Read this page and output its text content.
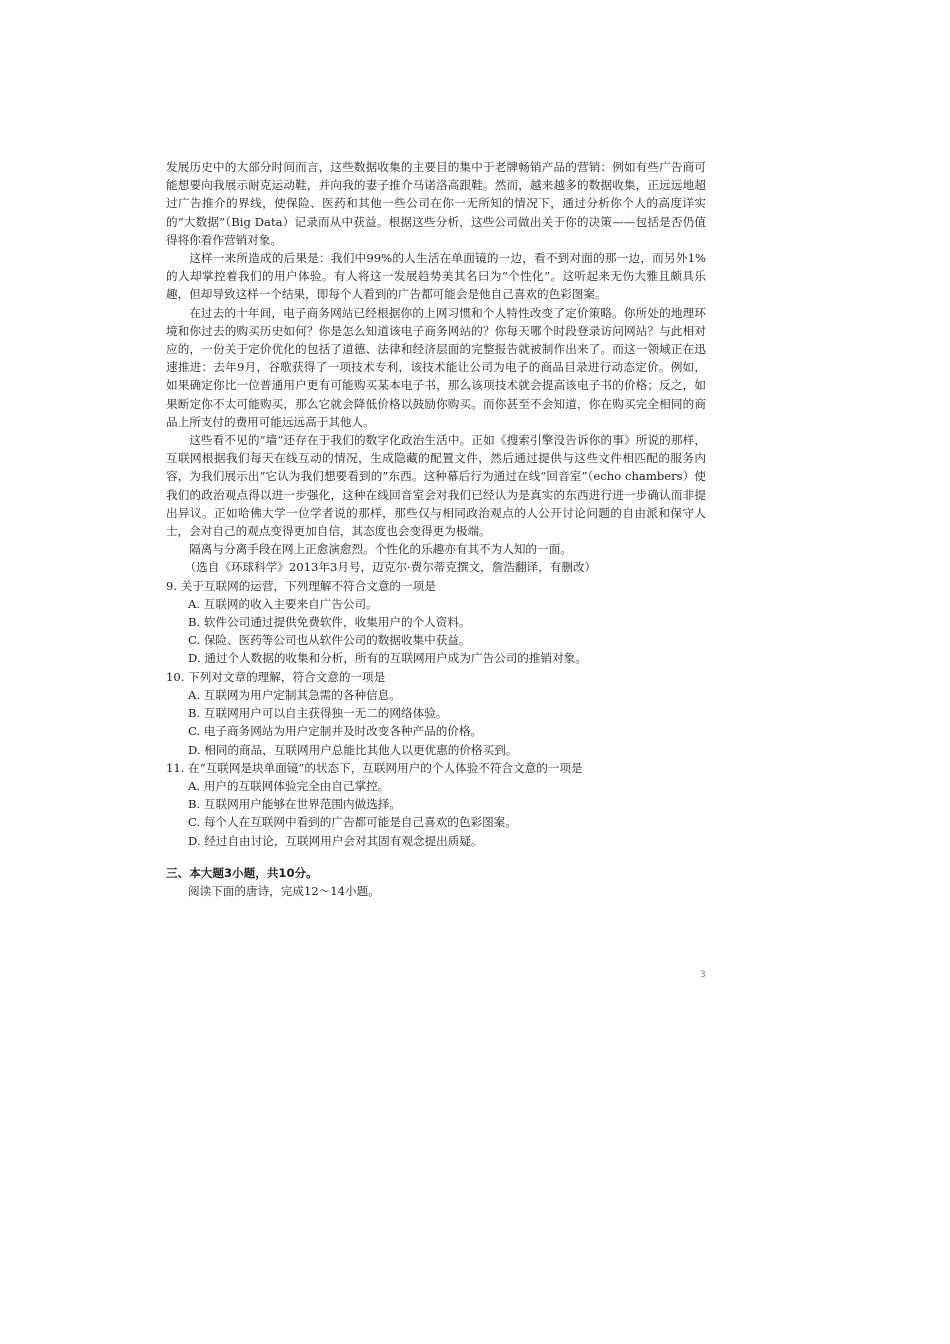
发展历史中的大部分时间而言，这些数据收集的主要目的集中于老牌畅销产品的营销：例如有些广告商可能想要向我展示耐克运动鞋，并向我的妻子推介马诺洛高跟鞋。然而，越来越多的数据收集，正远远地超过广告推介的界线，使保险、医药和其他一些公司在你一无所知的情况下，通过分析你个人的高度详实的“大数据”（Big Data）记录而从中获益。根据这些分析，这些公司做出关于你的决策——包括是否仍值得将你看作营销对象。

这样一来所造成的后果是：我们中99%的人生活在单面镜的一边，看不到对面的那一边，而另外1%的人却掌控着我们的用户体验。有人将这一发展趋势美其名曰为“个性化”。这听起来无伤大雅且颇具乐趣，但却导致这样一个结果，即每个人看到的广告都可能会是他自己喜欢的色彩图案。

在过去的十年间，电子商务网站已经根据你的上网习惯和个人特性改变了定价策略。你所处的地理环境和你过去的购买历史如何？你是怎么知道该电子商务网站的？你每天哪个时段登录访问网站？与此相对应的，一份关于定价优化的包括了道德、法律和经济层面的完整报告就被制作出来了。而这一领域正在迅速推进：去年9月，谷歌获得了一项技术专利，该技术能让公司为电子的商品目录进行动态定价。例如，如果确定你比一位普通用户更有可能购买某本电子书，那么该项技术就会提高该电子书的价格；反之，如果断定你不太可能购买，那么它就会降低价格以鼓励你购买。而你甚至不会知道，你在购买完全相同的商品上所支付的费用可能远远高于其他人。

这些看不见的“墙”还存在于我们的数字化政治生活中。正如《搜索引擎没告诉你的事》所说的那样，互联网根据我们每天在线互动的情况，生成隐藏的配置文件，然后通过提供与这些文件相匹配的服务内容，为我们展示出“它认为我们想要看到的”东西。这种幕后行为通过在线“回音室”（echo chambers）使我们的政治观点得以进一步强化，这种在线回音室会对我们已经认为是真实的东西进行进一步确认而非提出异议。正如哈佛大学一位学者说的那样，那些仅与相同政治观点的人公开讨论问题的自由派和保守人士，会对自己的观点变得更加自信，其态度也会变得更为极端。

隔离与分离手段在网上正愈演愈烈。个性化的乐趣亦有其不为人知的一面。

（选自《环球科学》2013年3月号，迈克尔·费尔蒂克撰文，詹浩翻译，有删改）

9. 关于互联网的运营，下列理解不符合文意的一项是

A. 互联网的收入主要来自广告公司。

B. 软件公司通过提供免费软件，收集用户的个人资料。

C. 保险、医药等公司也从软件公司的数据收集中获益。

D. 通过个人数据的收集和分析，所有的互联网用户成为广告公司的推销对象。

10. 下列对文章的理解，符合文意的一项是

A. 互联网为用户定制其急需的各种信息。

B. 互联网用户可以自主获得独一无二的网络体验。

C. 电子商务网站为用户定制并及时改变各种产品的价格。

D. 相同的商品，互联网用户总能比其他人以更优惠的价格买到。

11. 在“互联网是块单面镜”的状态下，互联网用户的个人体验不符合文意的一项是

A. 用户的互联网体验完全由自己掌控。

B. 互联网用户能够在世界范围内做选择。

C. 每个人在互联网中看到的广告都可能是自己喜欢的色彩图案。

D. 经过自由讨论，互联网用户会对其固有观念提出质疑。

三、本大题3小题，共10分。

阅读下面的唐诗，完成12～14小题。

3
